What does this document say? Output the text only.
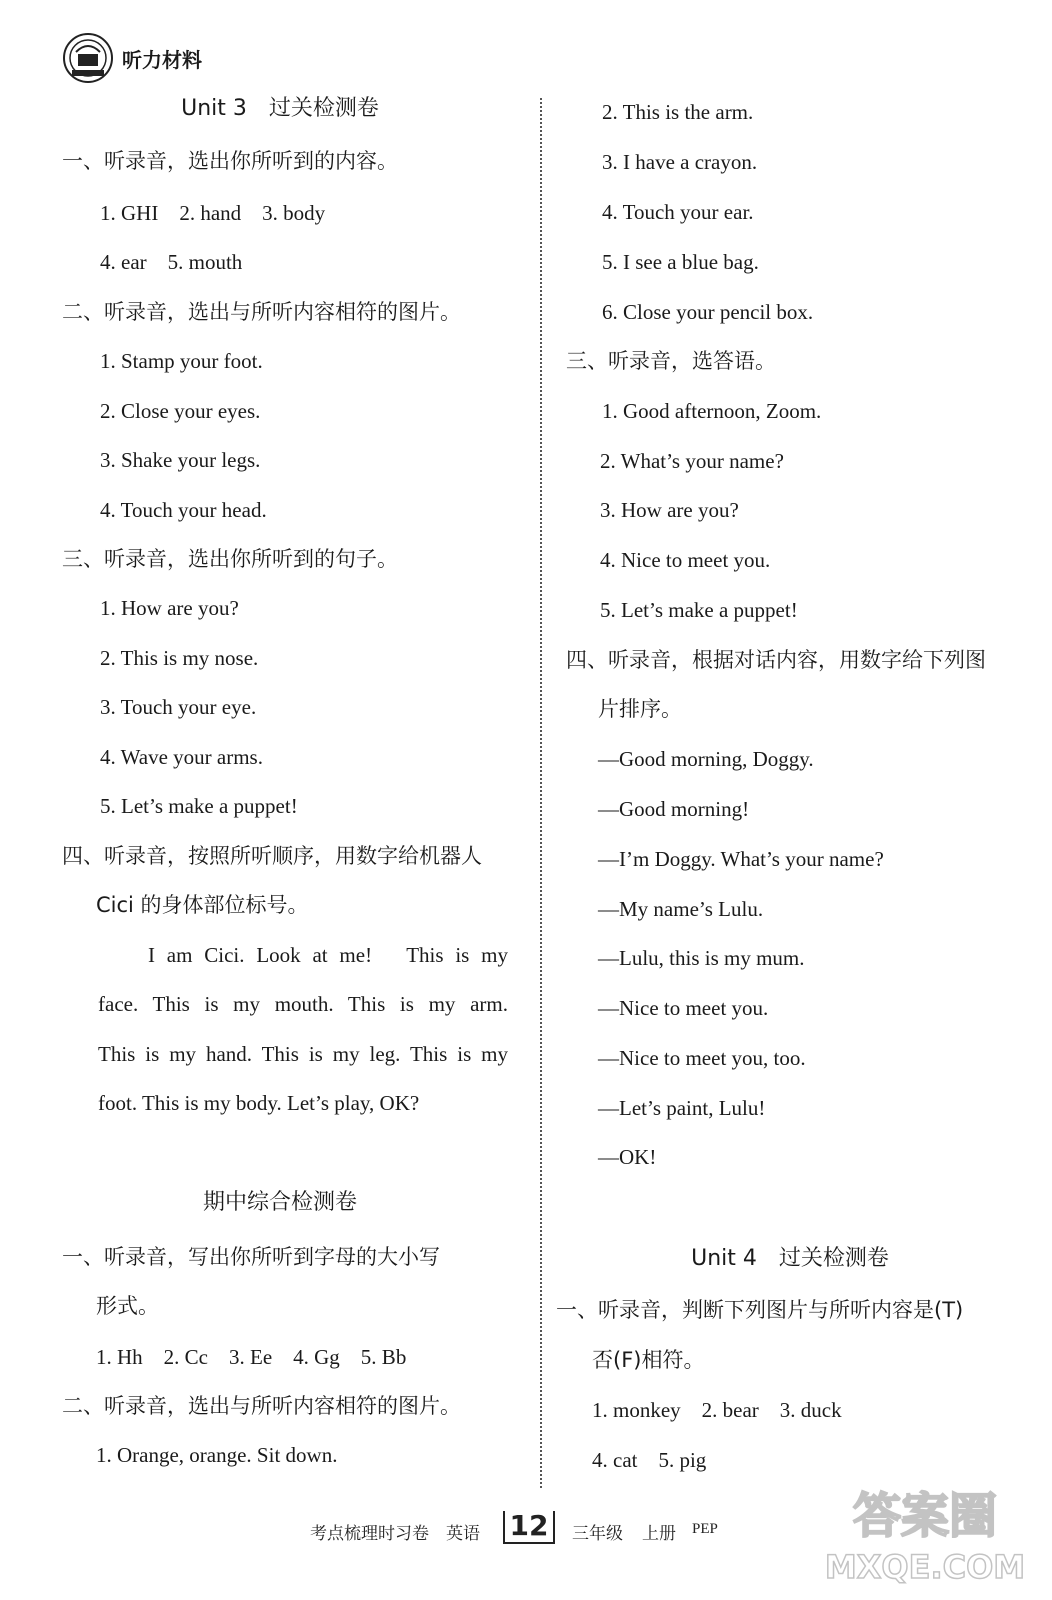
听力材料
Unit 3　过关检测卷
一、听录音，选出你所听到的内容。
1. GHI　2. hand　3. body
4. ear　5. mouth
二、听录音，选出与所听内容相符的图片。
1. Stamp your foot.
2. Close your eyes.
3. Shake your legs.
4. Touch your head.
三、听录音，选出你所听到的句子。
1. How are you?
2. This is my nose.
3. Touch your eye.
4. Wave your arms.
5. Let’s make a puppet!
四、听录音，按照所听顺序，用数字给机器人
Cici 的身体部位标号。
I am Cici. Look at me!　This is my
face. This is my mouth. This is my arm.
This is my hand. This is my leg. This is my
foot. This is my body. Let’s play, OK?
期中综合检测卷
一、听录音，写出你所听到字母的大小写
形式。
1. Hh　2. Cc　3. Ee　4. Gg　5. Bb
二、听录音，选出与所听内容相符的图片。
1. Orange, orange. Sit down.
2. This is the arm.
3. I have a crayon.
4. Touch your ear.
5. I see a blue bag.
6. Close your pencil box.
三、听录音，选答语。
1. Good afternoon, Zoom.
2. What’s your name?
3. How are you?
4. Nice to meet you.
5. Let’s make a puppet!
四、听录音，根据对话内容，用数字给下列图
片排序。
—Good morning, Doggy.
—Good morning!
—I’m Doggy. What’s your name?
—My name’s Lulu.
—Lulu, this is my mum.
—Nice to meet you.
—Nice to meet you, too.
—Let’s paint, Lulu!
—OK!
Unit 4　过关检测卷
一、听录音，判断下列图片与所听内容是(T)
否(F)相符。
1. monkey　2. bear　3. duck
4. cat　5. pig
考点梳理时习卷 英语	12	三年级 上册 PEP	答案圈
MXQE.COM
